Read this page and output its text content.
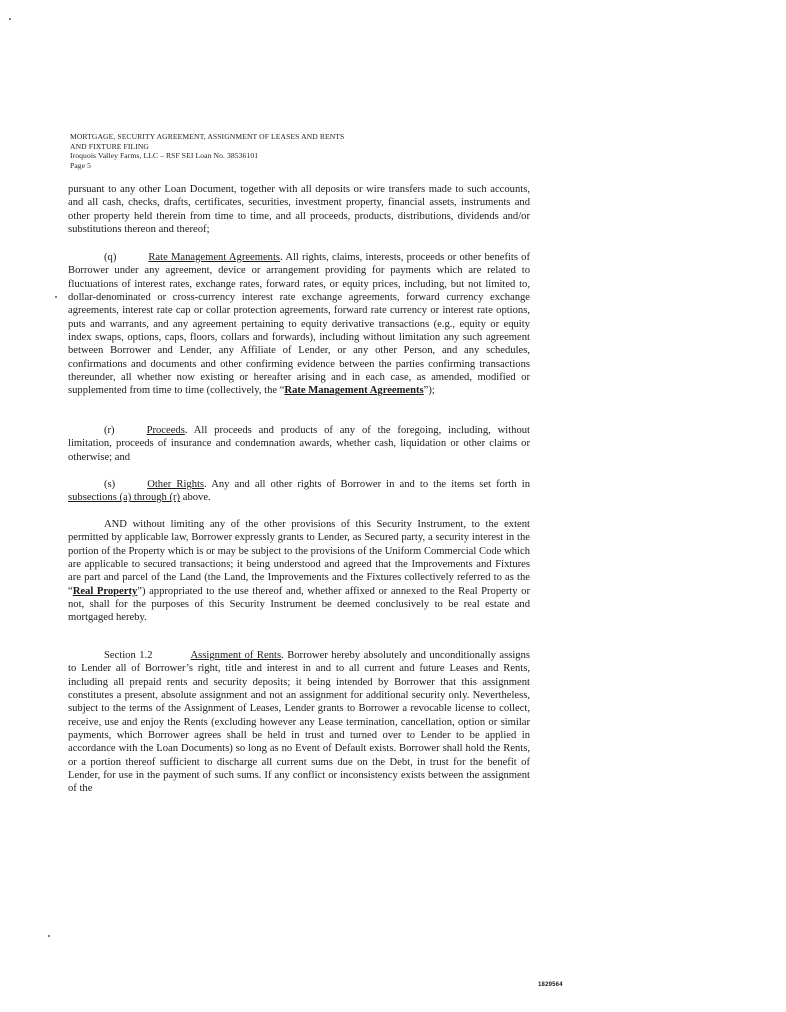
MORTGAGE, SECURITY AGREEMENT, ASSIGNMENT OF LEASES AND RENTS
AND FIXTURE FILING
Iroquois Valley Farms, LLC – RSF SEI Loan No. 38536101
Page 5

pursuant to any other Loan Document, together with all deposits or wire transfers made to such accounts, and all cash, checks, drafts, certificates, securities, investment property, financial assets, instruments and other property held therein from time to time, and all proceeds, products, distributions, dividends and/or substitutions thereon and thereof;

(q)	Rate Management Agreements. All rights, claims, interests, proceeds or other benefits of Borrower under any agreement, device or arrangement providing for payments which are related to fluctuations of interest rates, exchange rates, forward rates, or equity prices, including, but not limited to, dollar-denominated or cross-currency interest rate exchange agreements, forward currency exchange agreements, interest rate cap or collar protection agreements, forward rate currency or interest rate options, puts and warrants, and any agreement pertaining to equity derivative transactions (e.g., equity or equity index swaps, options, caps, floors, collars and forwards), including without limitation any such agreement between Borrower and Lender, any Affiliate of Lender, or any other Person, and any schedules, confirmations and documents and other confirming evidence between the parties confirming transactions thereunder, all whether now existing or hereafter arising and in each case, as amended, modified or supplemented from time to time (collectively, the “Rate Management Agreements”);

(r)	Proceeds. All proceeds and products of any of the foregoing, including, without limitation, proceeds of insurance and condemnation awards, whether cash, liquidation or other claims or otherwise; and

(s)	Other Rights. Any and all other rights of Borrower in and to the items set forth in subsections (a) through (r) above.

AND without limiting any of the other provisions of this Security Instrument, to the extent permitted by applicable law, Borrower expressly grants to Lender, as Secured party, a security interest in the portion of the Property which is or may be subject to the provisions of the Uniform Commercial Code which are applicable to secured transactions; it being understood and agreed that the Improvements and Fixtures are part and parcel of the Land (the Land, the Improvements and the Fixtures collectively referred to as the “Real Property”) appropriated to the use thereof and, whether affixed or annexed to the Real Property or not, shall for the purposes of this Security Instrument be deemed conclusively to be real estate and mortgaged hereby.

Section 1.2	Assignment of Rents. Borrower hereby absolutely and unconditionally assigns to Lender all of Borrower’s right, title and interest in and to all current and future Leases and Rents, including all prepaid rents and security deposits; it being intended by Borrower that this assignment constitutes a present, absolute assignment and not an assignment for additional security only. Nevertheless, subject to the terms of the Assignment of Leases, Lender grants to Borrower a revocable license to collect, receive, use and enjoy the Rents (excluding however any Lease termination, cancellation, option or similar payments, which Borrower agrees shall be held in trust and turned over to Lender to be applied in accordance with the Loan Documents) so long as no Event of Default exists. Borrower shall hold the Rents, or a portion thereof sufficient to discharge all current sums due on the Debt, in trust for the benefit of Lender, for use in the payment of such sums. If any conflict or inconsistency exists between the assignment of the

1829564
